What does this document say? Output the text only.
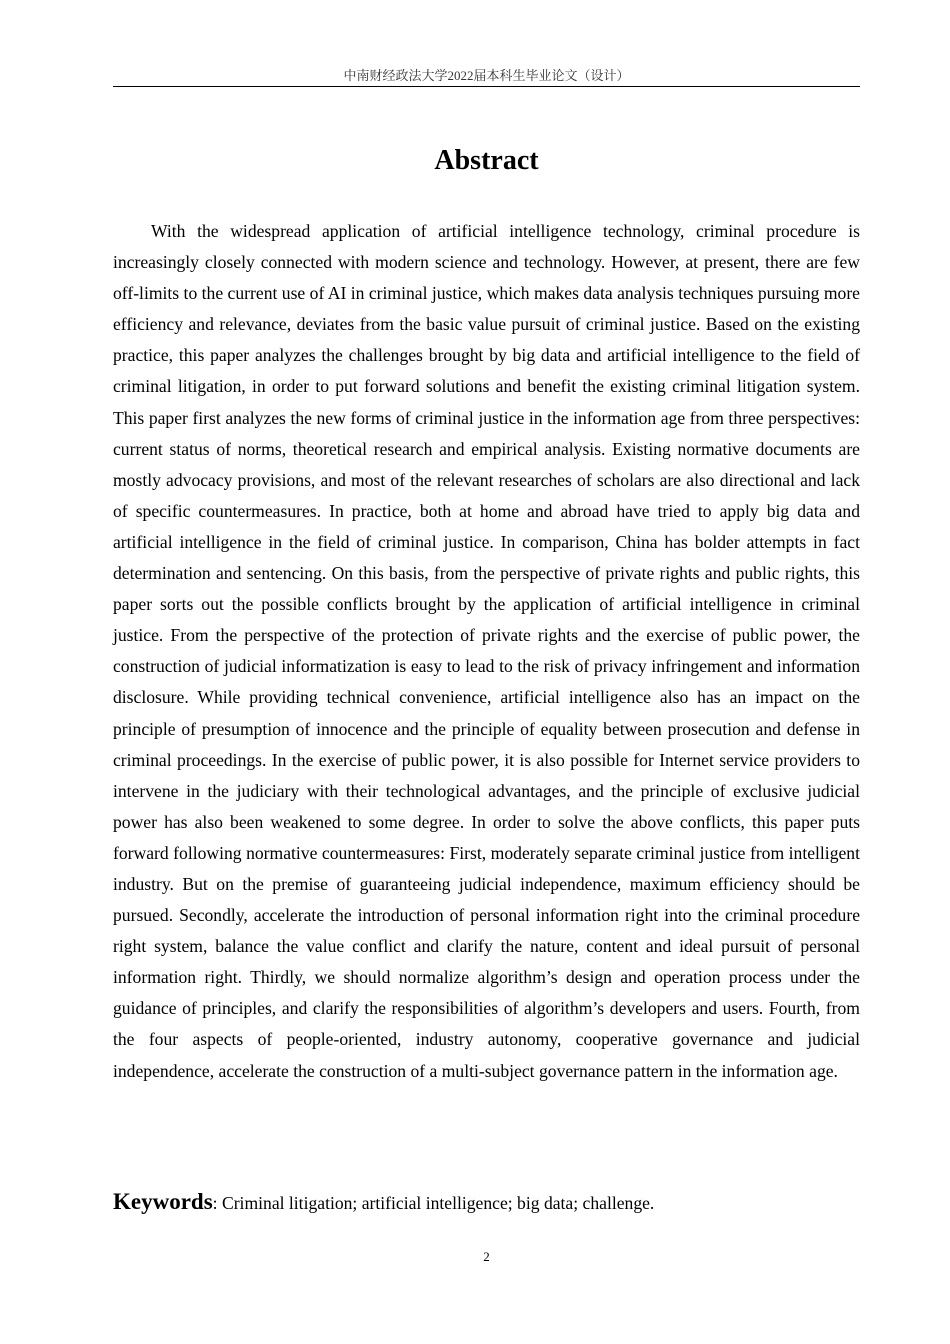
中南财经政法大学2022届本科生毕业论文（设计）
Abstract

With the widespread application of artificial intelligence technology, criminal procedure is increasingly closely connected with modern science and technology. However, at present, there are few off-limits to the current use of AI in criminal justice, which makes data analysis techniques pursuing more efficiency and relevance, deviates from the basic value pursuit of criminal justice. Based on the existing practice, this paper analyzes the challenges brought by big data and artificial intelligence to the field of criminal litigation, in order to put forward solutions and benefit the existing criminal litigation system. This paper first analyzes the new forms of criminal justice in the information age from three perspectives: current status of norms, theoretical research and empirical analysis. Existing normative documents are mostly advocacy provisions, and most of the relevant researches of scholars are also directional and lack of specific countermeasures. In practice, both at home and abroad have tried to apply big data and artificial intelligence in the field of criminal justice. In comparison, China has bolder attempts in fact determination and sentencing. On this basis, from the perspective of private rights and public rights, this paper sorts out the possible conflicts brought by the application of artificial intelligence in criminal justice. From the perspective of the protection of private rights and the exercise of public power, the construction of judicial informatization is easy to lead to the risk of privacy infringement and information disclosure. While providing technical convenience, artificial intelligence also has an impact on the principle of presumption of innocence and the principle of equality between prosecution and defense in criminal proceedings. In the exercise of public power, it is also possible for Internet service providers to intervene in the judiciary with their technological advantages, and the principle of exclusive judicial power has also been weakened to some degree. In order to solve the above conflicts, this paper puts forward following normative countermeasures: First, moderately separate criminal justice from intelligent industry. But on the premise of guaranteeing judicial independence, maximum efficiency should be pursued. Secondly, accelerate the introduction of personal information right into the criminal procedure right system, balance the value conflict and clarify the nature, content and ideal pursuit of personal information right. Thirdly, we should normalize algorithm’s design and operation process under the guidance of principles, and clarify the responsibilities of algorithm’s developers and users. Fourth, from the four aspects of people-oriented, industry autonomy, cooperative governance and judicial independence, accelerate the construction of a multi-subject governance pattern in the information age.

Keywords: Criminal litigation; artificial intelligence; big data; challenge.
2
